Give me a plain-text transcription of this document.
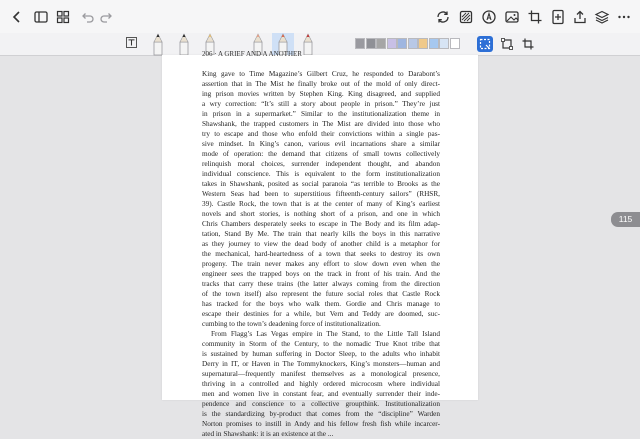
206 · A GRIEF AND A ANOTHER
King gave to Time Magazine’s Gilbert Cruz, he responded to Darabont’s
assertion that in The Mist he finally broke out of the mold of only direct-
ing prison movies written by Stephen King. King disagreed, and supplied
a wry correction: “It’s still a story about people in prison.” They’re just
in prison in a supermarket.” Similar to the institutionalization theme in
Shawshank, the trapped customers in The Mist are divided into those who
try to escape and those who enfold their convictions within a single pas-
sive mindset. In King’s canon, various evil incarnations share a similar
mode of operation: the demand that citizens of small towns collectively
relinquish moral choices, surrender independent thought, and abandon
individual conscience. This is equivalent to the form institutionalization
takes in Shawshank, posited as social paranoia “as terrible to Brooks as the
Western Seas had been to superstitious fifteenth-century sailors” (RHSR,
39). Castle Rock, the town that is at the center of many of King’s earliest
novels and short stories, is nothing short of a prison, and one in which
Chris Chambers desperately seeks to escape in The Body and its film adap-
tation, Stand By Me. The train that nearly kills the boys in this narrative
as they journey to view the dead body of another child is a metaphor for
the mechanical, hard-heartedness of a town that seeks to destroy its own
progeny. The train never makes any effort to slow down even when the
engineer sees the trapped boys on the track in front of his train. And the
tracks that carry these trains (the latter always coming from the direction
of the town itself) also represent the future social roles that Castle Rock
has tracked for the boys who walk them. Gordie and Chris manage to
escape their destinies for a while, but Vern and Teddy are doomed, suc-
cumbing to the town’s deadening force of institutionalization.
From Flagg’s Las Vegas empire in The Stand, to the Little Tall Island
community in Storm of the Century, to the nomadic True Knot tribe that
is sustained by human suffering in Doctor Sleep, to the adults who inhabit
Derry in IT, or Haven in The Tommyknockers, King’s monsters—human and
supernatural—frequently manifest themselves as a monological presence,
thriving in a controlled and highly ordered microcosm where individual
men and women live in constant fear, and eventually surrender their inde-
pendence and conscience to a collective groupthink. Institutionalization
is the standardizing by-product that comes from the “discipline” Warden
Norton promises to instill in Andy and his fellow fresh fish while incarcer-
ated in Shawshank: it is an existence at the ...
115
